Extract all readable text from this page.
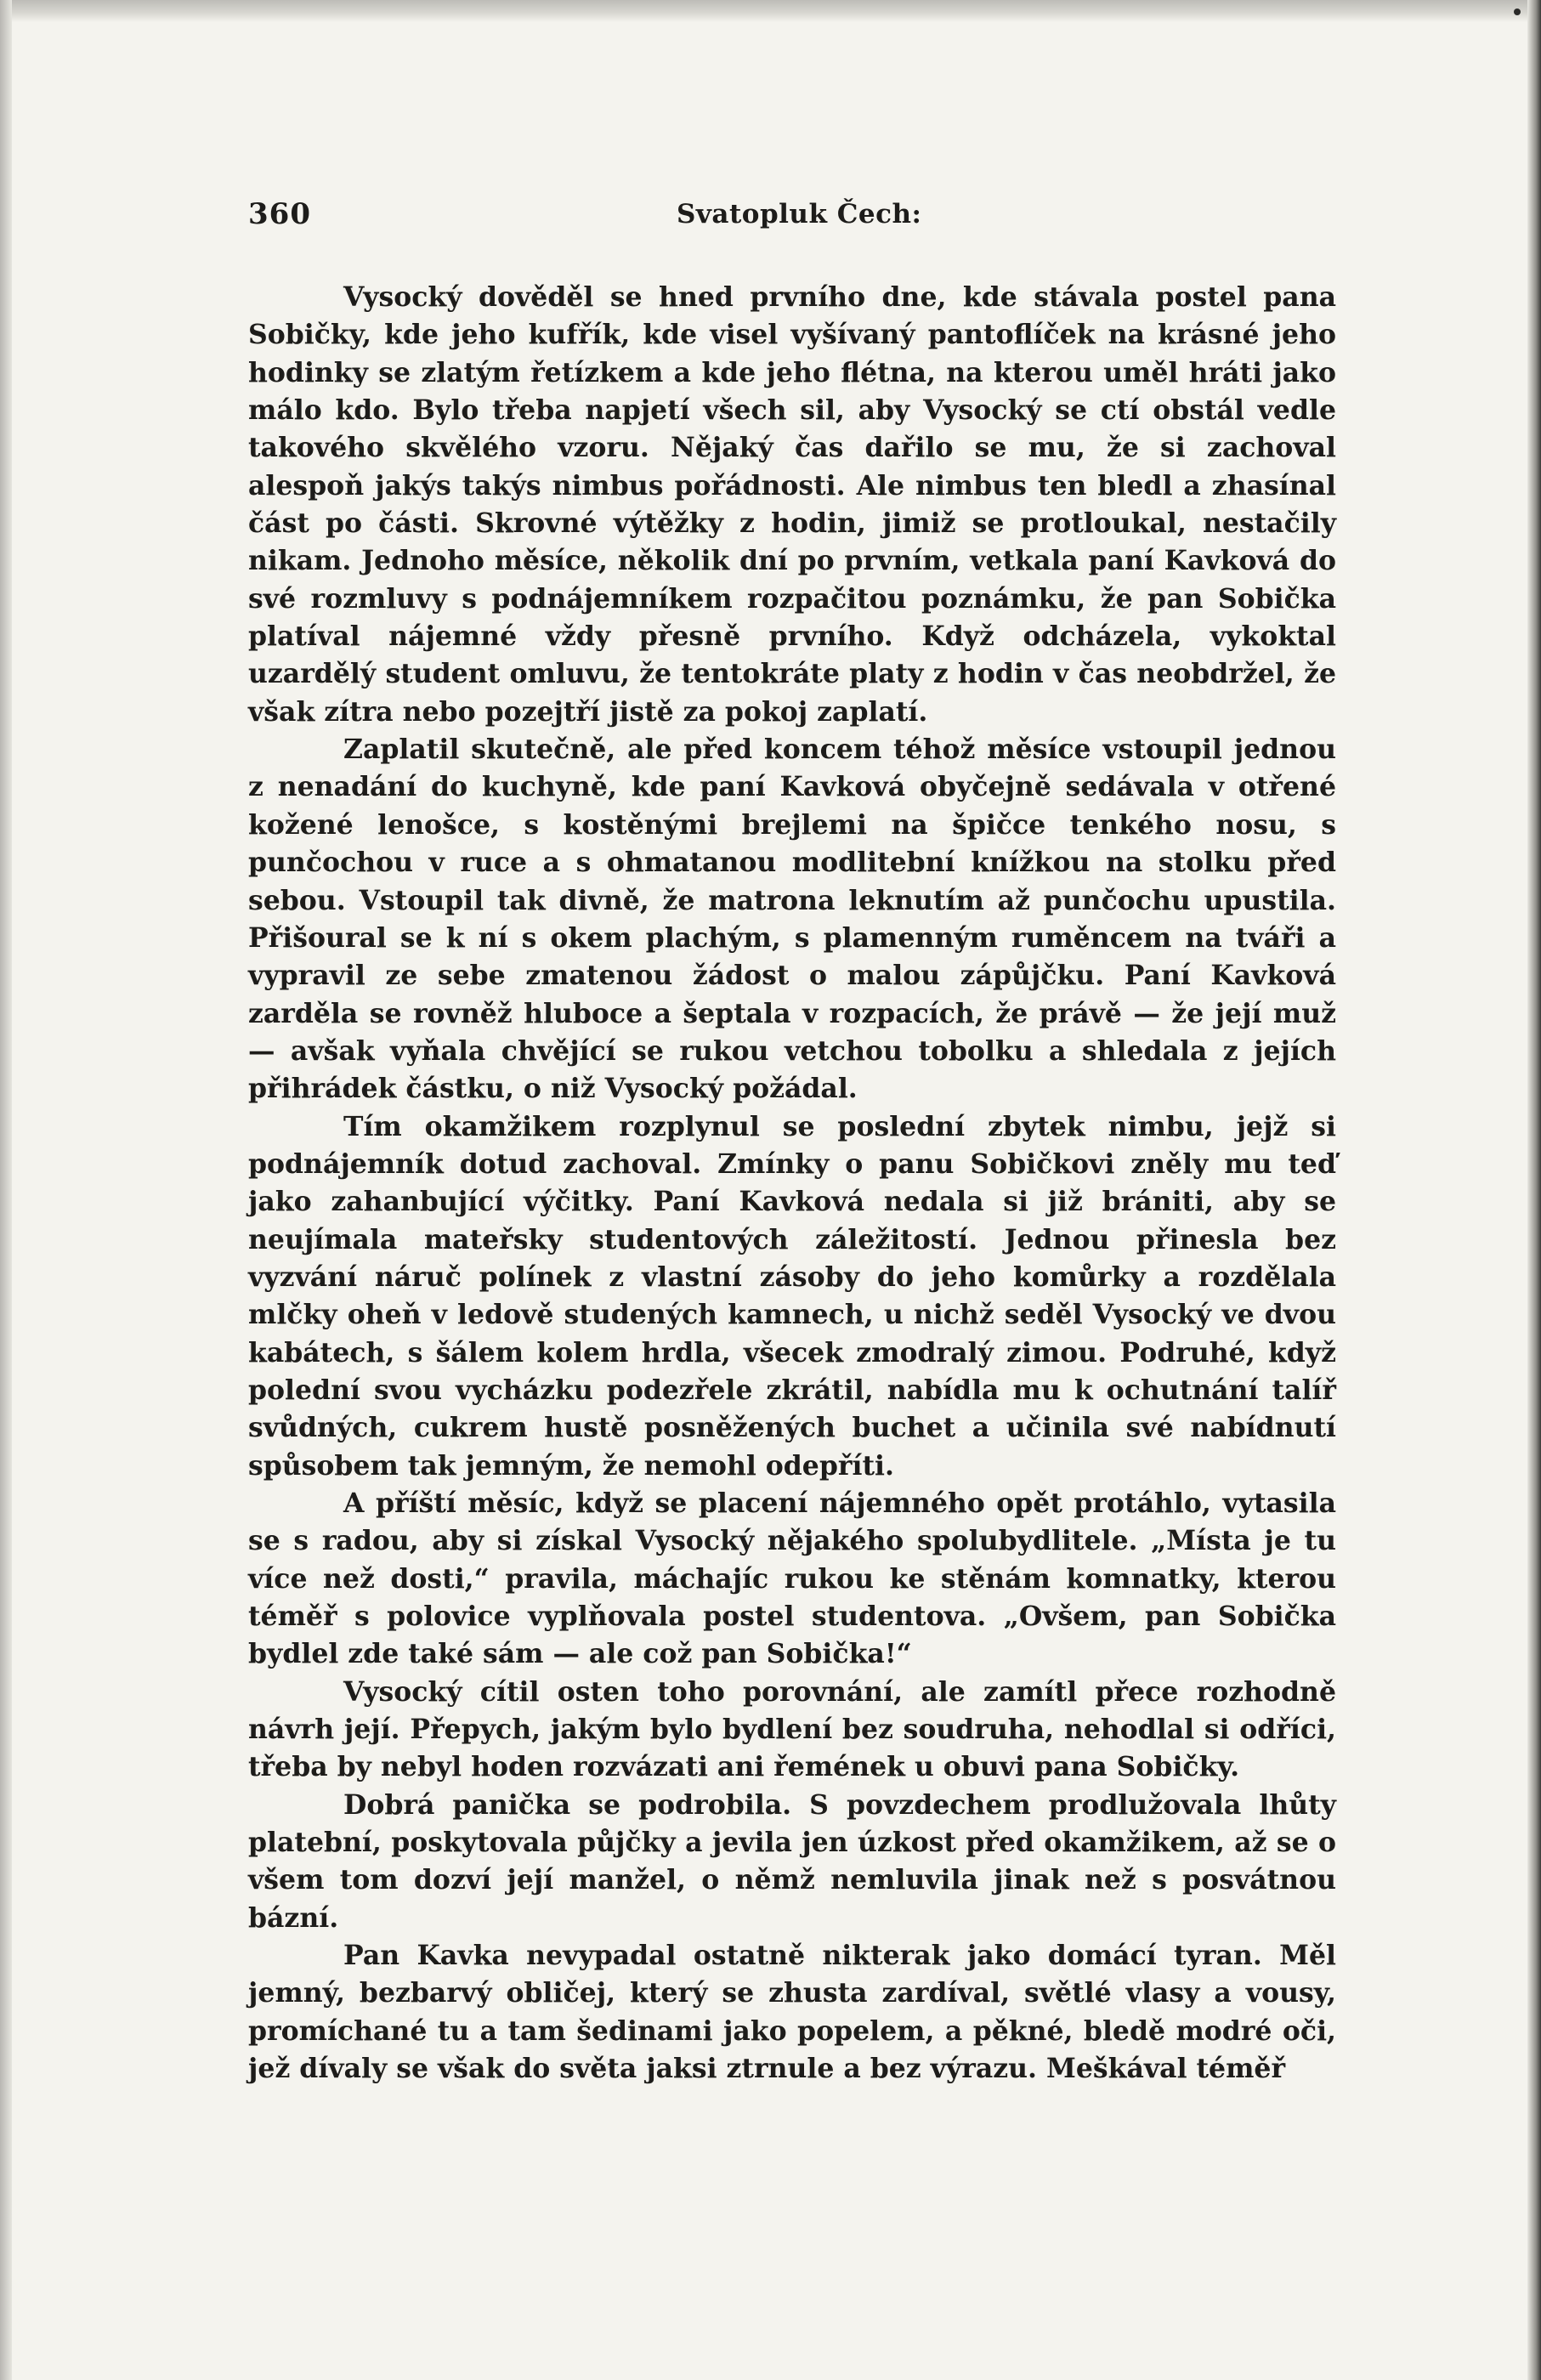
360	Svatopluk Čech:

Vysocký dověděl se hned prvního dne, kde stávala postel pana Sobičky, kde jeho kufřík, kde visel vyšívaný pantoflíček na krásné jeho hodinky se zlatým řetízkem a kde jeho flétna, na kterou uměl hráti jako málo kdo. Bylo třeba napjetí všech sil, aby Vysocký se ctí obstál vedle takového skvělého vzoru. Nějaký čas dařilo se mu, že si zachoval alespoň jakýs takýs nimbus pořádnosti. Ale nimbus ten bledl a zhasínal část po části. Skrovné výtěžky z hodin, jimiž se protloukal, nestačily nikam. Jednoho měsíce, několik dní po prvním, vetkala paní Kavková do své rozmluvy s podnájemníkem rozpačitou poznámku, že pan Sobička platíval nájemné vždy přesně prvního. Když odcházela, vykoktal uzardělý student omluvu, že tentokráte platy z hodin v čas neobdržel, že však zítra nebo pozejtří jistě za pokoj zaplatí.

Zaplatil skutečně, ale před koncem téhož měsíce vstoupil jednou z nenadání do kuchyně, kde paní Kavková obyčejně sedávala v otřené kožené lenošce, s kostěnými brejlemi na špičce tenkého nosu, s punčochou v ruce a s ohmatanou modlitební knížkou na stolku před sebou. Vstoupil tak divně, že matrona leknutím až punčochu upustila. Přišoural se k ní s okem plachým, s plamenným ruměncem na tváři a vypravil ze sebe zmatenou žádost o malou zápůjčku. Paní Kavková zarděla se rovněž hluboce a šeptala v rozpacích, že právě — že její muž — avšak vyňala chvějící se rukou vetchou tobolku a shledala z jejích přihrádek částku, o niž Vysocký požádal.

Tím okamžikem rozplynul se poslední zbytek nimbu, jejž si podnájemník dotud zachoval. Zmínky o panu Sobičkovi zněly mu teď jako zahanbující výčitky. Paní Kavková nedala si již brániti, aby se neujímala mateřsky studentových záležitostí. Jednou přinesla bez vyzvání náruč polínek z vlastní zásoby do jeho komůrky a rozdělala mlčky oheň v ledově studených kamnech, u nichž seděl Vysocký ve dvou kabátech, s šálem kolem hrdla, všecek zmodralý zimou. Podruhé, když polední svou vycházku podezřele zkrátil, nabídla mu k ochutnání talíř svůdných, cukrem hustě posněžených buchet a učinila své nabídnutí spůsobem tak jemným, že nemohl odepříti.

A příští měsíc, když se placení nájemného opět protáhlo, vytasila se s radou, aby si získal Vysocký nějakého spolubydlitele. „Místa je tu více než dosti,“ pravila, máchajíc rukou ke stěnám komnatky, kterou téměř s polovice vyplňovala postel studentova. „Ovšem, pan Sobička bydlel zde také sám — ale což pan Sobička!“

Vysocký cítil osten toho porovnání, ale zamítl přece rozhodně návrh její. Přepych, jakým bylo bydlení bez soudruha, nehodlal si odříci, třeba by nebyl hoden rozvázati ani řemének u obuvi pana Sobičky.

Dobrá panička se podrobila. S povzdechem prodlužovala lhůty platební, poskytovala půjčky a jevila jen úzkost před okamžikem, až se o všem tom dozví její manžel, o němž nemluvila jinak než s posvátnou bázní.

Pan Kavka nevypadal ostatně nikterak jako domácí tyran. Měl jemný, bezbarvý obličej, který se zhusta zardíval, světlé vlasy a vousy, promíchané tu a tam šedinami jako popelem, a pěkné, bledě modré oči, jež dívaly se však do světa jaksi ztrnule a bez výrazu. Meškával téměř
